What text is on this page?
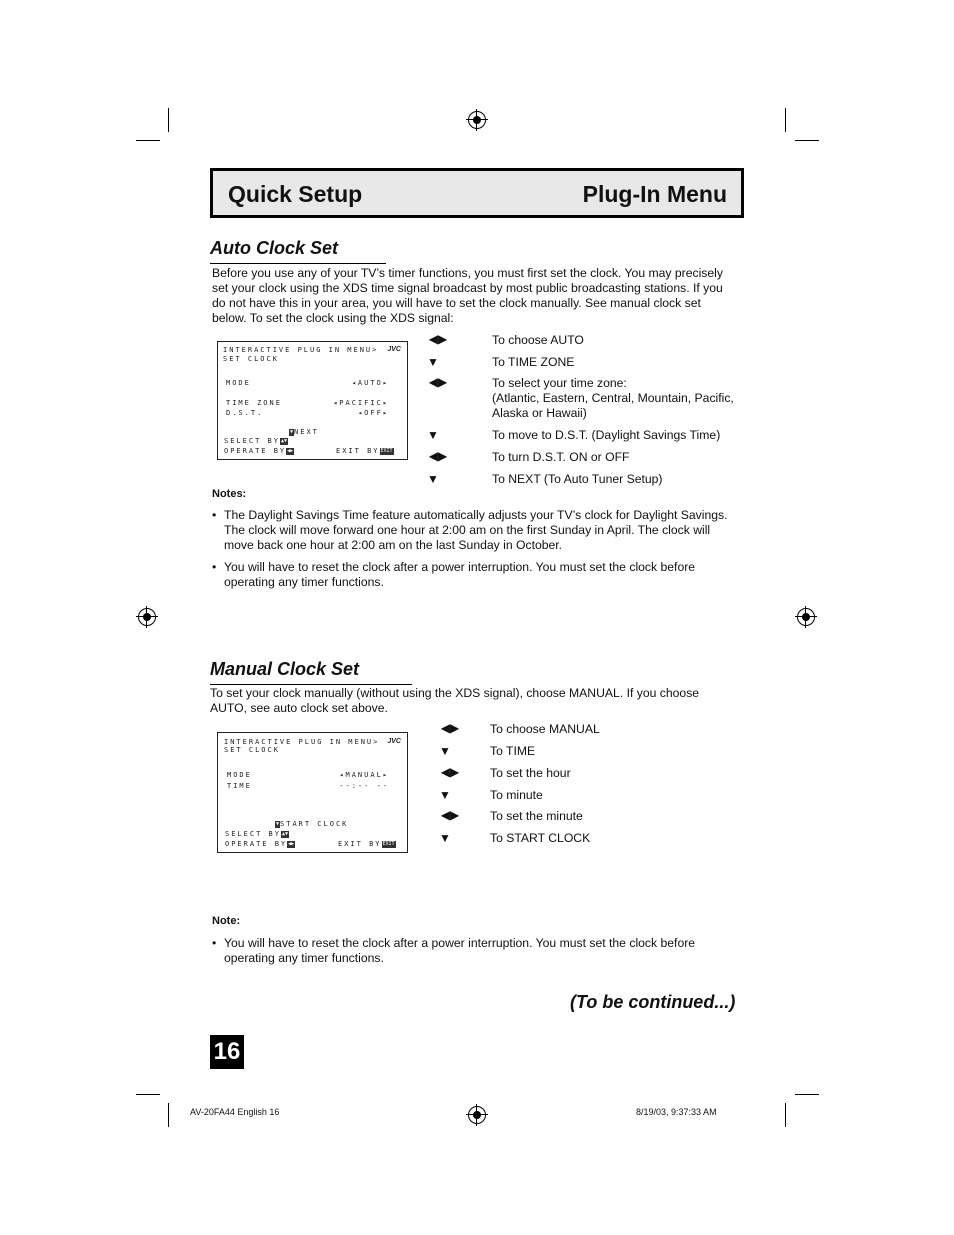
Quick Setup	Plug-In Menu
Auto Clock Set
Before you use any of your TV’s timer functions, you must first set the clock. You may precisely
set your clock using the XDS time signal broadcast by most public broadcasting stations. If you
do not have this in your area, you will have to set the clock manually. See manual clock set
below. To set the clock using the XDS signal:
INTERACTIVE PLUG IN MENU> JVC
SET CLOCK
MODE	◂AUTO▸
TIME ZONE	◂PACIFIC▸
D.S.T.	◂OFF▸
▼NEXT
SELECT BY▲▼
OPERATE BY◀▶	EXIT BYEXIT
◀▶	To choose AUTO
▼	To TIME ZONE
◀▶	To select your time zone:
(Atlantic, Eastern, Central, Mountain, Pacific,
Alaska or Hawaii)
▼	To move to D.S.T. (Daylight Savings Time)
◀▶	To turn D.S.T. ON or OFF
▼	To NEXT (To Auto Tuner Setup)
Notes:
• The Daylight Savings Time feature automatically adjusts your TV’s clock for Daylight Savings.
The clock will move forward one hour at 2:00 am on the first Sunday in April. The clock will
move back one hour at 2:00 am on the last Sunday in October.
• You will have to reset the clock after a power interruption. You must set the clock before
operating any timer functions.
Manual Clock Set
To set your clock manually (without using the XDS signal), choose MANUAL. If you choose
AUTO, see auto clock set above.
INTERACTIVE PLUG IN MENU> JVC
SET CLOCK
MODE	◂MANUAL▸
TIME	--:-- --
▼START CLOCK
SELECT BY▲▼
OPERATE BY◀▶	EXIT BYEXIT
◀▶	To choose MANUAL
▼	To TIME
◀▶	To set the hour
▼	To minute
◀▶	To set the minute
▼	To START CLOCK
Note:
• You will have to reset the clock after a power interruption. You must set the clock before
operating any timer functions.
(To be continued...)
16
AV-20FA44 English 16	8/19/03, 9:37:33 AM
